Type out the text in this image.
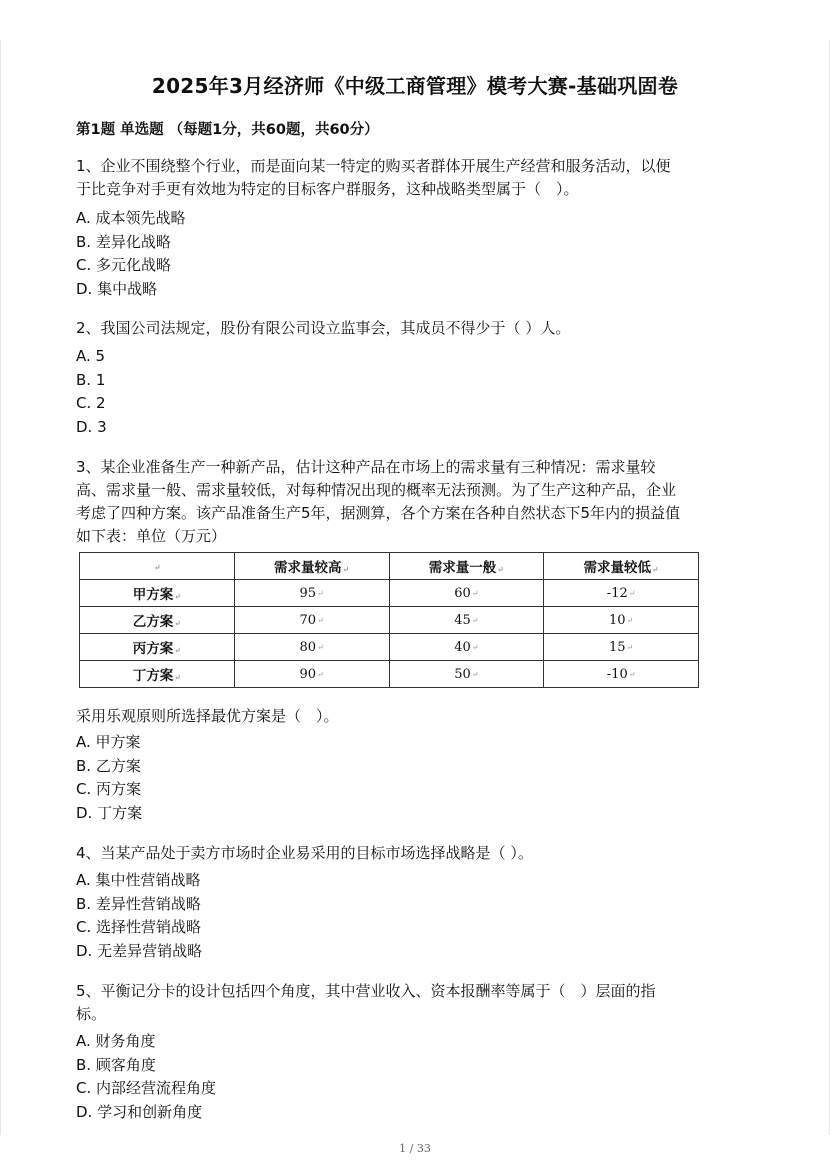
2025年3月经济师《中级工商管理》模考大赛-基础巩固卷
第1题 单选题 （每题1分，共60题，共60分）

1、企业不围绕整个行业，而是面向某一特定的购买者群体开展生产经营和服务活动，以便

于比竞争对手更有效地为特定的目标客户群服务，这种战略类型属于（　）。

A. 成本领先战略
B. 差异化战略
C. 多元化战略
D. 集中战略

2、我国公司法规定，股份有限公司设立监事会，其成员不得少于（ ）人。

A. 5
B. 1
C. 2
D. 3

3、某企业准备生产一种新产品，估计这种产品在市场上的需求量有三种情况：需求量较

高、需求量一般、需求量较低，对每种情况出现的概率无法预测。为了生产这种产品，企业

考虑了四种方案。该产品准备生产5年，据测算，各个方案在各种自然状态下5年内的损益值

如下表：单位（万元）

↵	需求量较高↵	需求量一般↵	需求量较低↵
甲方案↵	95↵	60↵	-12↵
乙方案↵	70↵	45↵	10↵
丙方案↵	80↵	40↵	15↵
丁方案↵	90↵	50↵	-10↵

采用乐观原则所选择最优方案是（　）。

A. 甲方案
B. 乙方案
C. 丙方案
D. 丁方案

4、当某产品处于卖方市场时企业易采用的目标市场选择战略是（ ）。

A. 集中性营销战略
B. 差异性营销战略
C. 选择性营销战略
D. 无差异营销战略

5、平衡记分卡的设计包括四个角度，其中营业收入、资本报酬率等属于（　）层面的指

标。

A. 财务角度
B. 顾客角度
C. 内部经营流程角度
D. 学习和创新角度
1 / 33
